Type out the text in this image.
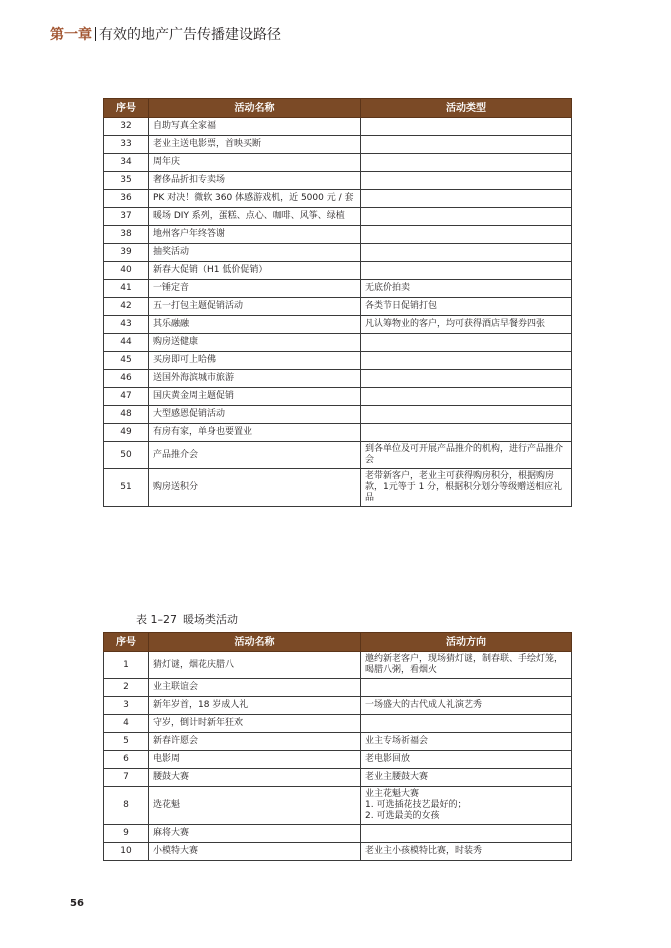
第一章 有效的地产广告传播建设路径
序号	活动名称	活动类型
32	自助写真全家福	
33	老业主送电影票，首映买断	
34	周年庆	
35	奢侈品折扣专卖场	
36	PK 对决！微软 360 体感游戏机，近 5000 元 / 套	
37	暖场 DIY 系列，蛋糕、点心、咖啡、风筝、绿植	
38	地州客户年终答谢	
39	抽奖活动	
40	新春大促销（H1 低价促销）	
41	一锤定音	无底价拍卖
42	五一打包主题促销活动	各类节日促销打包
43	其乐融融	凡认筹物业的客户，均可获得酒店早餐券四张
44	购房送健康	
45	买房即可上哈佛	
46	送国外海滨城市旅游	
47	国庆黄金周主题促销	
48	大型感恩促销活动	
49	有房有家，单身也要置业	
50	产品推介会	到各单位及可开展产品推介的机构，进行产品推介会
51	购房送积分	老带新客户，老业主可获得购房积分，根据购房款，1元等于 1 分，根据积分划分等级赠送相应礼品
表 1–27 暖场类活动
序号	活动名称	活动方向
1	猜灯谜，烟花庆腊八	邀约新老客户，现场猜灯谜，制春联、手绘灯笼，喝腊八粥，看烟火
2	业主联谊会	
3	新年岁首，18 岁成人礼	一场盛大的古代成人礼演艺秀
4	守岁，倒计时新年狂欢	
5	新春许愿会	业主专场祈福会
6	电影周	老电影回放
7	腰鼓大赛	老业主腰鼓大赛
8	选花魁	业主花魁大赛
1. 可选插花技艺最好的；
2. 可选最美的女孩
9	麻将大赛	
10	小模特大赛	老业主小孩模特比赛，时装秀
56
